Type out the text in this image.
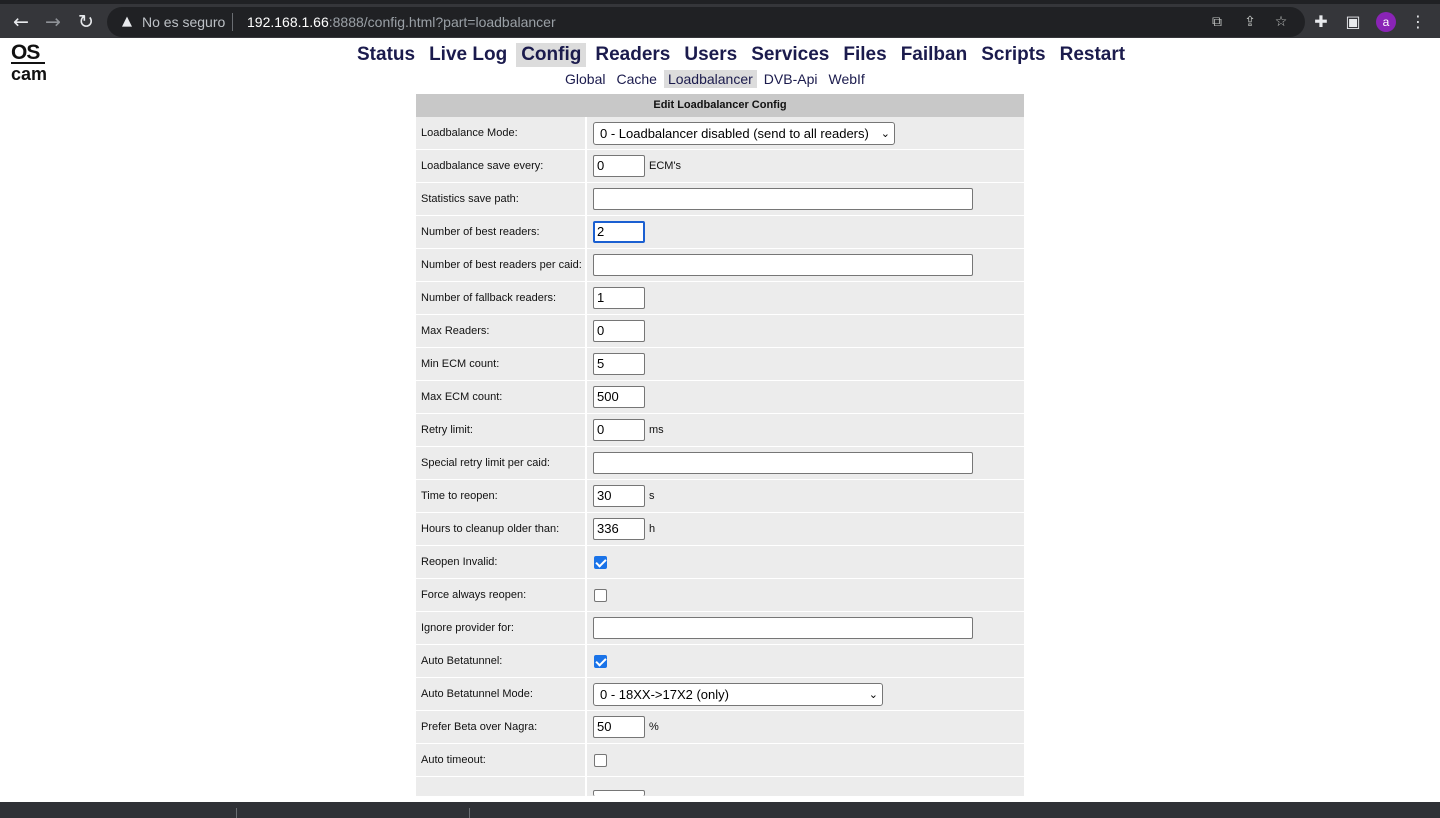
← → ↻	▲ No es seguro 192.168.1.66:8888/config.html?part=loadbalancer	⧉	⇪ ☆	✚	▣	a	⋮
OS
cam
Status Live Log Config Readers Users Services Files Failban Scripts Restart
Global Cache Loadbalancer DVB-Api WebIf
Edit Loadbalancer Config
Loadbalance Mode:	0 - Loadbalancer disabled (send to all readers) ⌄
Loadbalance save every:	0	ECM's
Statistics save path:
Number of best readers:	2
Number of best readers per caid:
Number of fallback readers:	1
Max Readers:	0
Min ECM count:	5
Max ECM count:	500
Retry limit:	0	ms
Special retry limit per caid:
Time to reopen:	30	s
Hours to cleanup older than:	336	h
Reopen Invalid:
Force always reopen:
Ignore provider for:
Auto Betatunnel:
Auto Betatunnel Mode:	0 - 18XX->17X2 (only)	⌄
Prefer Beta over Nagra:	50	%
Auto timeout:
